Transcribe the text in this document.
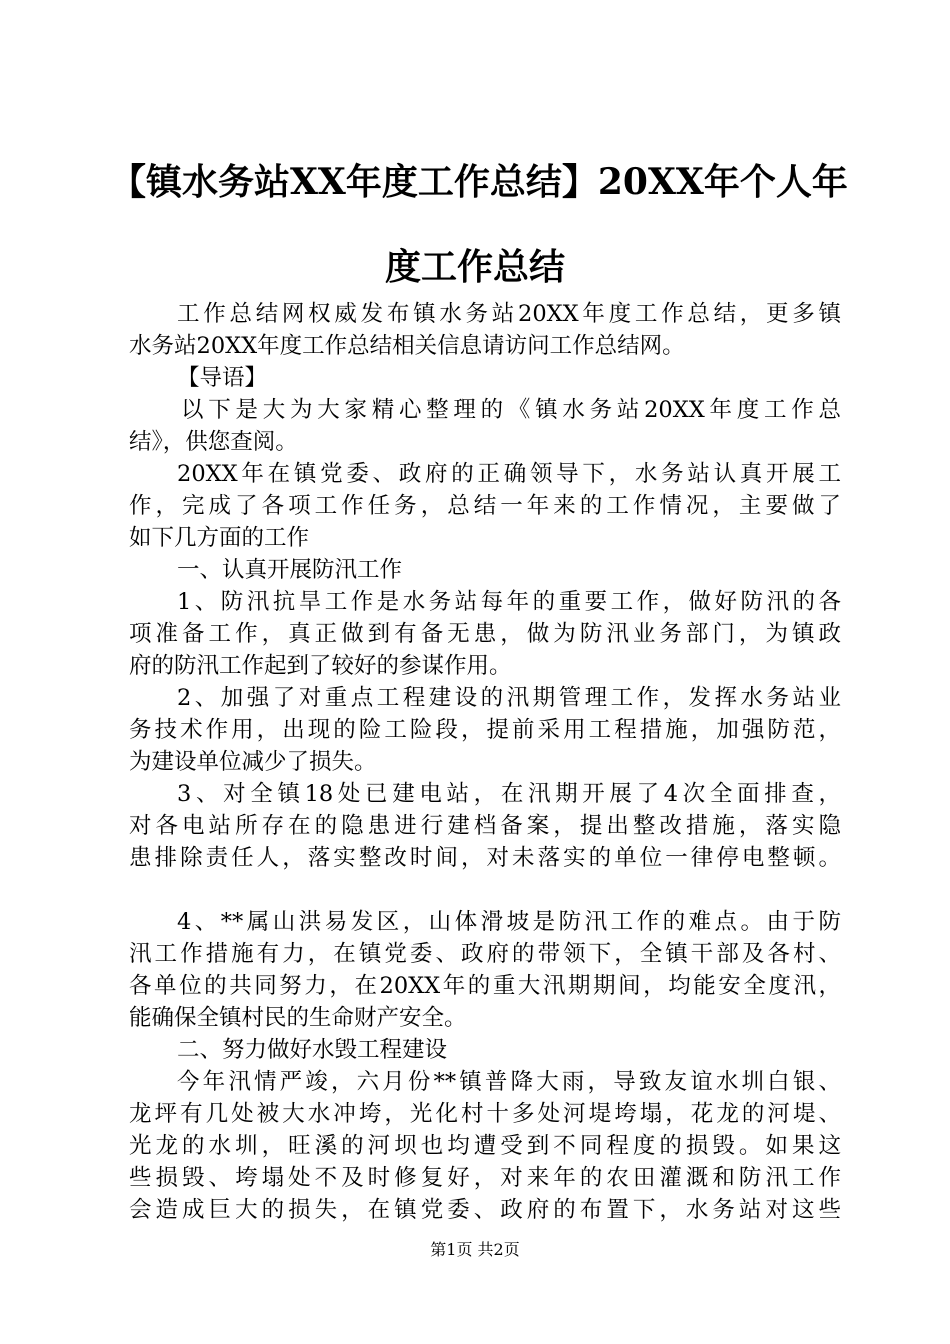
【镇水务站XX年度工作总结】20XX年个人年
度工作总结
工作总结网权威发布镇水务站20XX年度工作总结，更多镇
水务站20XX年度工作总结相关信息请访问工作总结网。
【导语】
以下是大为大家精心整理的《镇水务站20XX年度工作总
结》，供您查阅。
20XX年在镇党委、政府的正确领导下，水务站认真开展工
作，完成了各项工作任务，总结一年来的工作情况，主要做了
如下几方面的工作
一、认真开展防汛工作
1、防汛抗旱工作是水务站每年的重要工作，做好防汛的各
项准备工作，真正做到有备无患，做为防汛业务部门，为镇政
府的防汛工作起到了较好的参谋作用。
2、加强了对重点工程建设的汛期管理工作，发挥水务站业
务技术作用，出现的险工险段，提前采用工程措施，加强防范，
为建设单位减少了损失。
3、对全镇18处已建电站，在汛期开展了4次全面排查，
对各电站所存在的隐患进行建档备案，提出整改措施，落实隐
患排除责任人，落实整改时间，对未落实的单位一律停电整顿。
4、**属山洪易发区，山体滑坡是防汛工作的难点。由于防
汛工作措施有力，在镇党委、政府的带领下，全镇干部及各村、
各单位的共同努力，在20XX年的重大汛期期间，均能安全度汛，
能确保全镇村民的生命财产安全。
二、努力做好水毁工程建设
今年汛情严竣，六月份**镇普降大雨，导致友谊水圳白银、
龙坪有几处被大水冲垮，光化村十多处河堤垮塌，花龙的河堤、
光龙的水圳，旺溪的河坝也均遭受到不同程度的损毁。如果这
些损毁、垮塌处不及时修复好，对来年的农田灌溉和防汛工作
会造成巨大的损失，在镇党委、政府的布置下，水务站对这些
第1页 共2页
